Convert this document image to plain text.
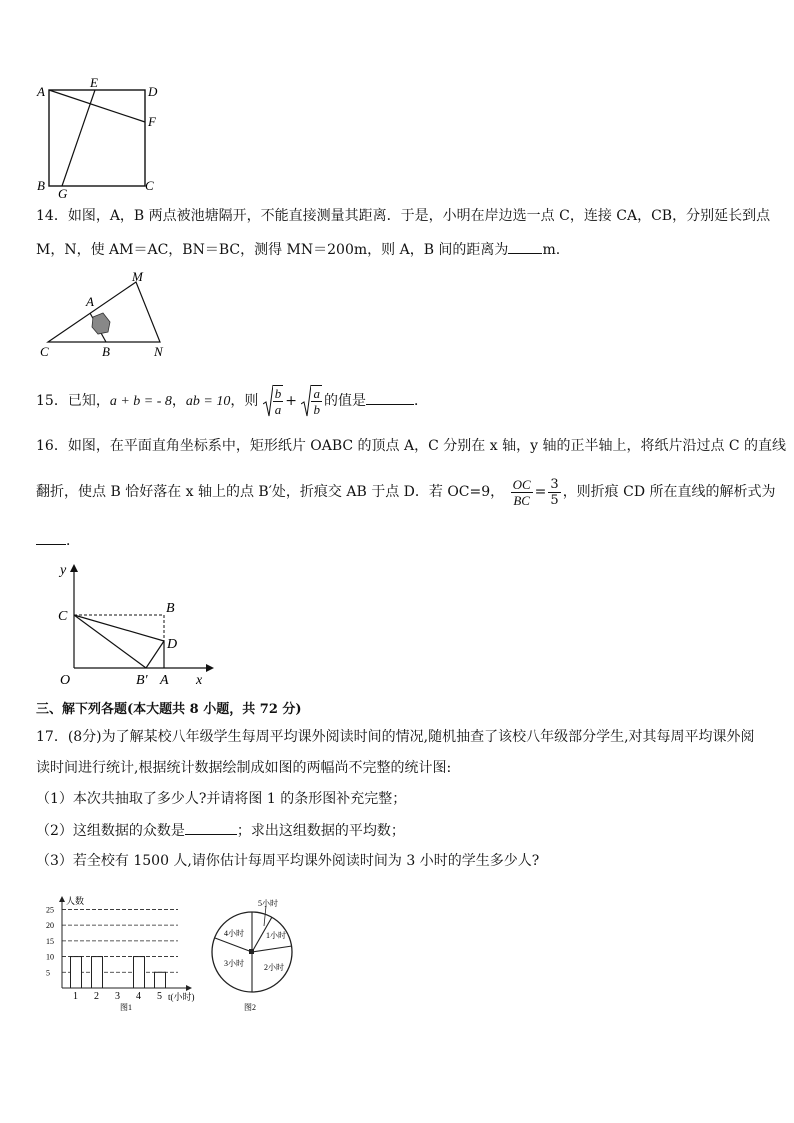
A
E
D
F
B
G
C
14．如图，A，B 两点被池塘隔开，不能直接测量其距离．于是，小明在岸边选一点 C，连接 CA，CB，分别延长到点
M，N，使 AM＝AC，BN＝BC，测得 MN＝200m，则 A，B 间的距离为 m.
A
M
C	B	N
15．已知，a + b = - 8，ab = 10，则 $\frac{b}{a} + \frac{a}{b}$ 的值是	．
16．如图，在平面直角坐标系中，矩形纸片 OABC 的顶点 A，C 分别在 x 轴，y 轴的正半轴上，将纸片沿过点 C 的直线
翻折，使点 B 恰好落在 x 轴上的点 B′处，折痕交 AB 于点 D．若 OC=9， $\frac{OC}{BC} = \frac{3}{5}$ ，则折痕 CD 所在直线的解析式为
．
y
C
B
D
O	B′ A x
三、解下列各题(本大题共 8 小题，共 72 分)
17．(8分)为了解某校八年级学生每周平均课外阅读时间的情况,随机抽查了该校八年级部分学生,对其每周平均课外阅
读时间进行统计,根据统计数据绘制成如图的两幅尚不完整的统计图:
（1）本次共抽取了多少人?并请将图 1 的条形图补充完整；
（2）这组数据的众数是	；求出这组数据的平均数；
（3）若全校有 1500 人,请你估计每周平均课外阅读时间为 3 小时的学生多少人?
人数
t(小时)
图1
5
10
15
20
25
1 2 3 4 5
5小时
1小时
2小时
3小时
4小时
图2
